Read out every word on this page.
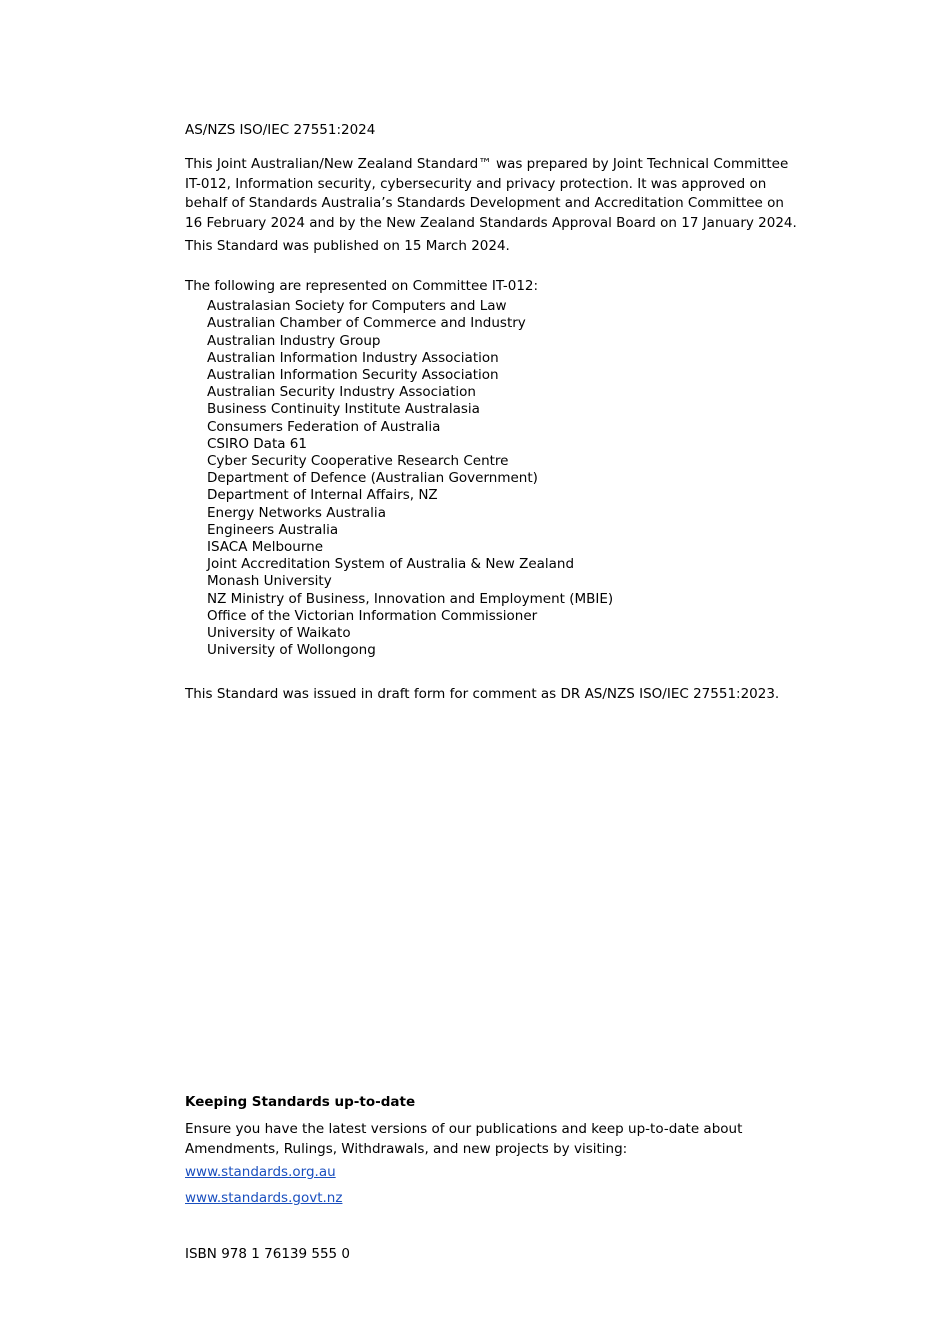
AS/NZS ISO/IEC 27551:2024

This Joint Australian/New Zealand Standard™ was prepared by Joint Technical Committee
IT-012, Information security, cybersecurity and privacy protection. It was approved on
behalf of Standards Australia’s Standards Development and Accreditation Committee on
16 February 2024 and by the New Zealand Standards Approval Board on 17 January 2024.

This Standard was published on 15 March 2024.

The following are represented on Committee IT-012:
Australasian Society for Computers and Law
Australian Chamber of Commerce and Industry
Australian Industry Group
Australian Information Industry Association
Australian Information Security Association
Australian Security Industry Association
Business Continuity Institute Australasia
Consumers Federation of Australia
CSIRO Data 61
Cyber Security Cooperative Research Centre
Department of Defence (Australian Government)
Department of Internal Affairs, NZ
Energy Networks Australia
Engineers Australia
ISACA Melbourne
Joint Accreditation System of Australia & New Zealand
Monash University
NZ Ministry of Business, Innovation and Employment (MBIE)
Office of the Victorian Information Commissioner
University of Waikato
University of Wollongong

This Standard was issued in draft form for comment as DR AS/NZS ISO/IEC 27551:2023.

Keeping Standards up-to-date

Ensure you have the latest versions of our publications and keep up-to-date about
Amendments, Rulings, Withdrawals, and new projects by visiting:

www.standards.org.au
www.standards.govt.nz

ISBN 978 1 76139 555 0
